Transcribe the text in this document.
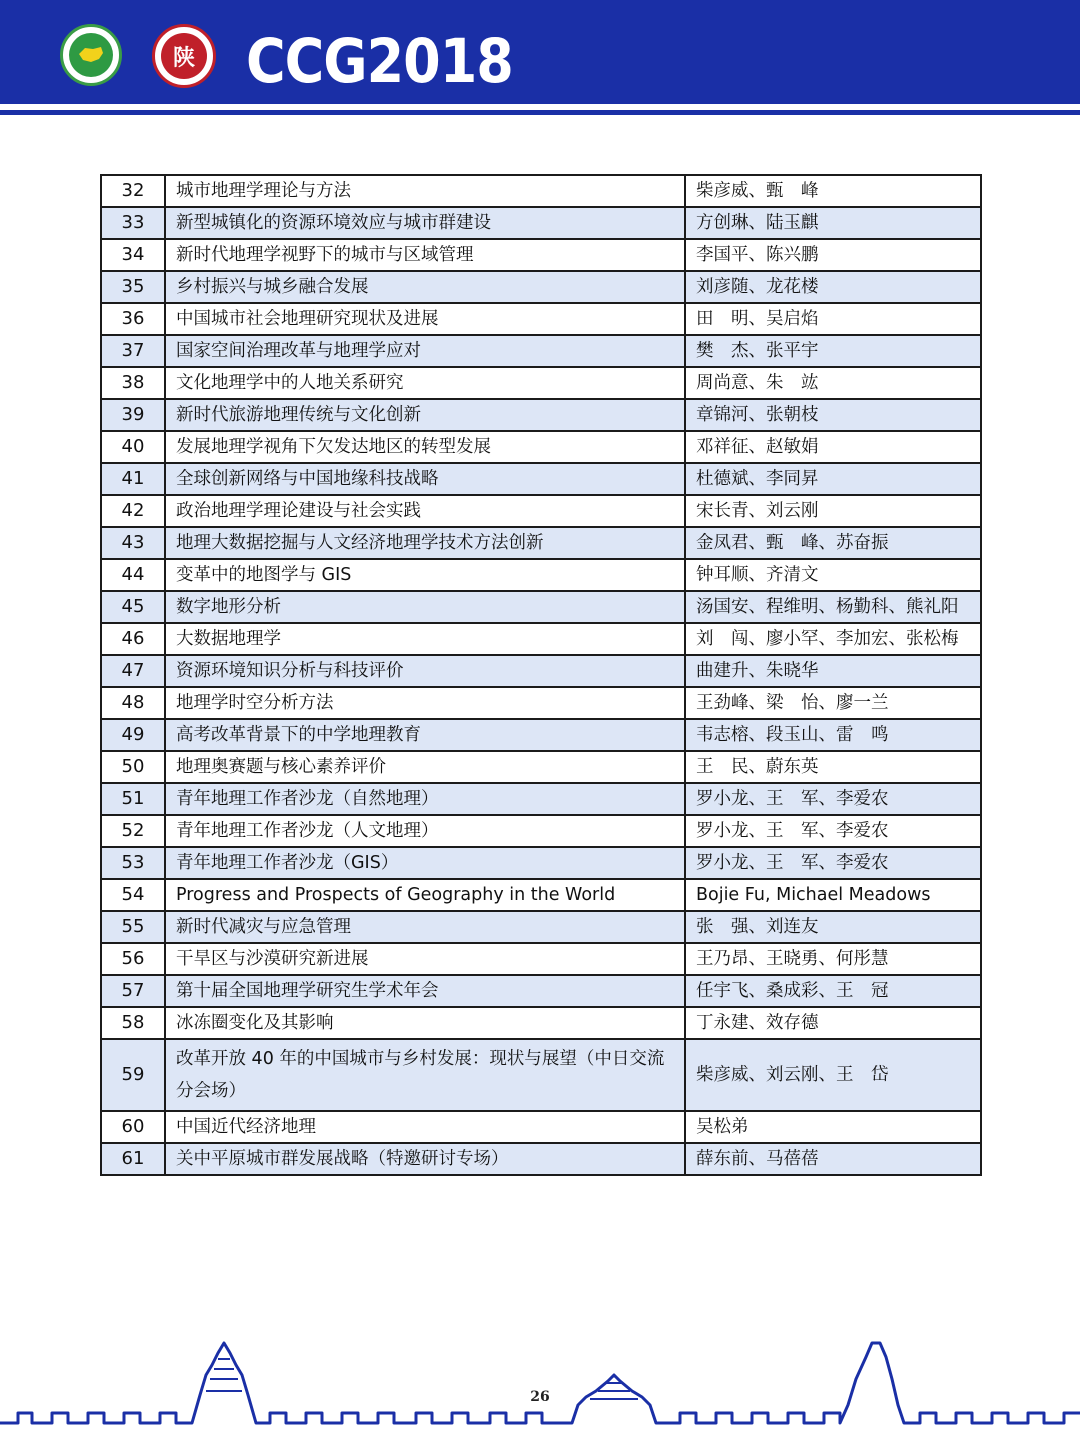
陕 CCG2018
32	城市地理学理论与方法	柴彦威、甄　峰
33	新型城镇化的资源环境效应与城市群建设	方创琳、陆玉麒
34	新时代地理学视野下的城市与区域管理	李国平、陈兴鹏
35	乡村振兴与城乡融合发展	刘彦随、龙花楼
36	中国城市社会地理研究现状及进展	田　明、吴启焰
37	国家空间治理改革与地理学应对	樊　杰、张平宇
38	文化地理学中的人地关系研究	周尚意、朱　竑
39	新时代旅游地理传统与文化创新	章锦河、张朝枝
40	发展地理学视角下欠发达地区的转型发展	邓祥征、赵敏娟
41	全球创新网络与中国地缘科技战略	杜德斌、李同昇
42	政治地理学理论建设与社会实践	宋长青、刘云刚
43	地理大数据挖掘与人文经济地理学技术方法创新	金凤君、甄　峰、苏奋振
44	变革中的地图学与 GIS	钟耳顺、齐清文
45	数字地形分析	汤国安、程维明、杨勤科、熊礼阳
46	大数据地理学	刘　闯、廖小罕、李加宏、张松梅
47	资源环境知识分析与科技评价	曲建升、朱晓华
48	地理学时空分析方法	王劲峰、梁　怡、廖一兰
49	高考改革背景下的中学地理教育	韦志榕、段玉山、雷　鸣
50	地理奥赛题与核心素养评价	王　民、蔚东英
51	青年地理工作者沙龙（自然地理）	罗小龙、王　军、李爱农
52	青年地理工作者沙龙（人文地理）	罗小龙、王　军、李爱农
53	青年地理工作者沙龙（GIS）	罗小龙、王　军、李爱农
54	Progress and Prospects of Geography in the World	Bojie Fu, Michael Meadows
55	新时代减灾与应急管理	张　强、刘连友
56	干旱区与沙漠研究新进展	王乃昂、王晓勇、何彤慧
57	第十届全国地理学研究生学术年会	任宇飞、桑成彩、王　冠
58	冰冻圈变化及其影响	丁永建、效存德
59	改革开放 40 年的中国城市与乡村发展：现状与展望（中日交流分会场）	柴彦威、刘云刚、王　岱
60	中国近代经济地理	吴松弟
61	关中平原城市群发展战略（特邀研讨专场）	薛东前、马蓓蓓
26
